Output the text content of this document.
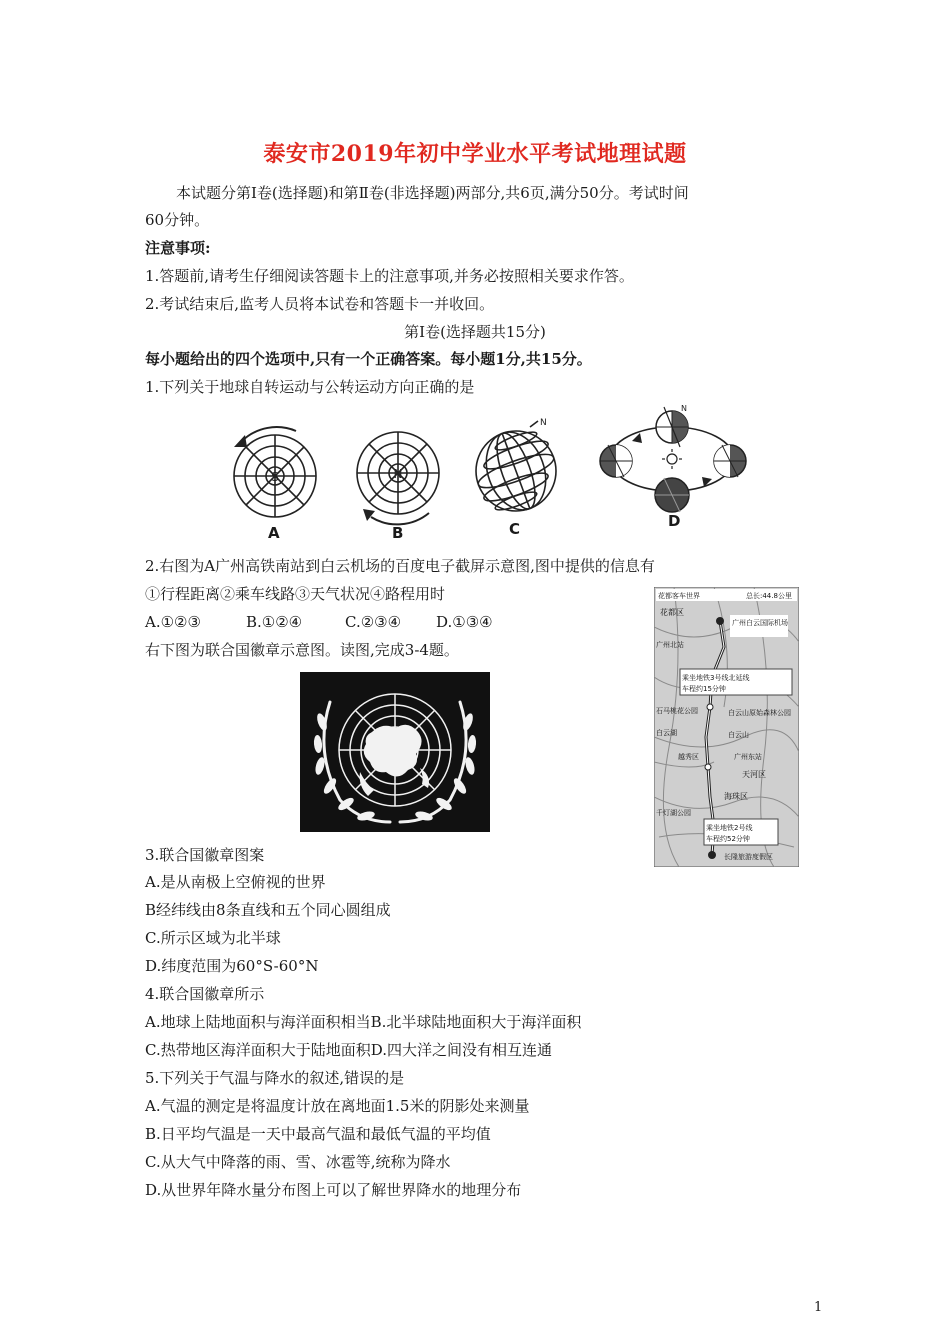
泰安市2019年初中学业水平考试地理试题
本试题分第Ⅰ卷(选择题)和第Ⅱ卷(非选择题)两部分,共6页,满分50分。考试时间
60分钟。
注意事项:
1.答题前,请考生仔细阅读答题卡上的注意事项,并务必按照相关要求作答。
2.考试结束后,监考人员将本试卷和答题卡一并收回。
第Ⅰ卷(选择题共15分)
每小题给出的四个选项中,只有一个正确答案。每小题1分,共15分。
1.下列关于地球自转运动与公转运动方向正确的是
S
A
N
B
N
C
N
D
2.右图为A广州高铁南站到白云机场的百度电子截屏示意图,图中提供的信息有
①行程距离②乘车线路③天气状况④路程用时
A.①②③	B.①②④	C.②③④ D.①③④
右下图为联合国徽章示意图。读图,完成3-4题。
花都客车世界	总长:44.8公里
花都区
广州白云国际机场
广州北站
乘坐地铁3号线北延线
车程约15分钟
石马桃花公园	白云山原始森林公园
白云湖	白云山
越秀区	广州东站
天河区
海珠区
千灯湖公园
乘坐地铁2号线
车程约52分钟
长隆旅游度假区
3.联合国徽章图案
A.是从南极上空俯视的世界
B经纬线由8条直线和五个同心圆组成
C.所示区域为北半球
D.纬度范围为60°S-60°N
4.联合国徽章所示
A.地球上陆地面积与海洋面积相当B.北半球陆地面积大于海洋面积
C.热带地区海洋面积大于陆地面积D.四大洋之间没有相互连通
5.下列关于气温与降水的叙述,错误的是
A.气温的测定是将温度计放在离地面1.5米的阴影处来测量
B.日平均气温是一天中最高气温和最低气温的平均值
C.从大气中降落的雨、雪、冰雹等,统称为降水
D.从世界年降水量分布图上可以了解世界降水的地理分布
1
